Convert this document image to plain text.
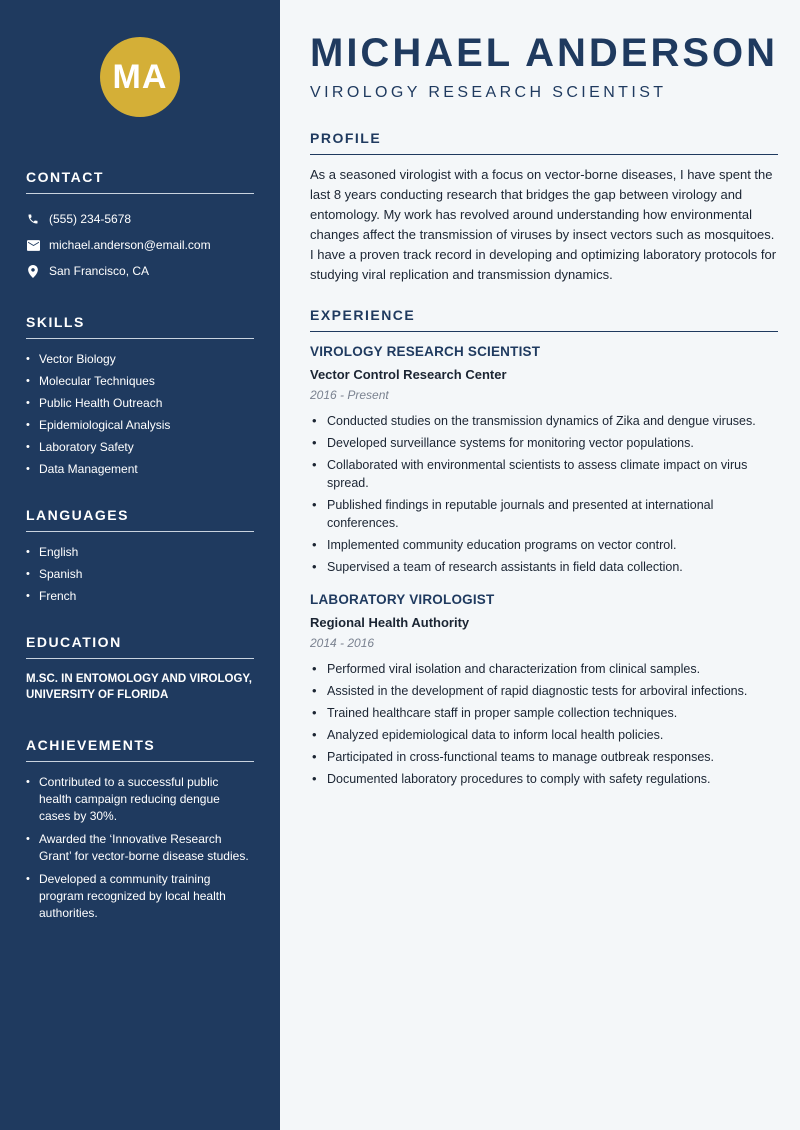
MA
CONTACT
(555) 234-5678
michael.anderson@email.com
San Francisco, CA
SKILLS
• Vector Biology
• Molecular Techniques
• Public Health Outreach
• Epidemiological Analysis
• Laboratory Safety
• Data Management
LANGUAGES
• English
• Spanish
• French
EDUCATION
M.SC. IN ENTOMOLOGY AND VIROLOGY, UNIVERSITY OF FLORIDA
ACHIEVEMENTS
• Contributed to a successful public health campaign reducing dengue cases by 30%.
• Awarded the ‘Innovative Research Grant’ for vector-borne disease studies.
• Developed a community training program recognized by local health authorities.
MICHAEL ANDERSON
VIROLOGY RESEARCH SCIENTIST
PROFILE
As a seasoned virologist with a focus on vector-borne diseases, I have spent the last 8 years conducting research that bridges the gap between virology and entomology. My work has revolved around understanding how environmental changes affect the transmission of viruses by insect vectors such as mosquitoes. I have a proven track record in developing and optimizing laboratory protocols for studying viral replication and transmission dynamics.
EXPERIENCE
VIROLOGY RESEARCH SCIENTIST
Vector Control Research Center
2016 - Present
• Conducted studies on the transmission dynamics of Zika and dengue viruses.
• Developed surveillance systems for monitoring vector populations.
• Collaborated with environmental scientists to assess climate impact on virus spread.
• Published findings in reputable journals and presented at international conferences.
• Implemented community education programs on vector control.
• Supervised a team of research assistants in field data collection.
LABORATORY VIROLOGIST
Regional Health Authority
2014 - 2016
• Performed viral isolation and characterization from clinical samples.
• Assisted in the development of rapid diagnostic tests for arboviral infections.
• Trained healthcare staff in proper sample collection techniques.
• Analyzed epidemiological data to inform local health policies.
• Participated in cross-functional teams to manage outbreak responses.
• Documented laboratory procedures to comply with safety regulations.
